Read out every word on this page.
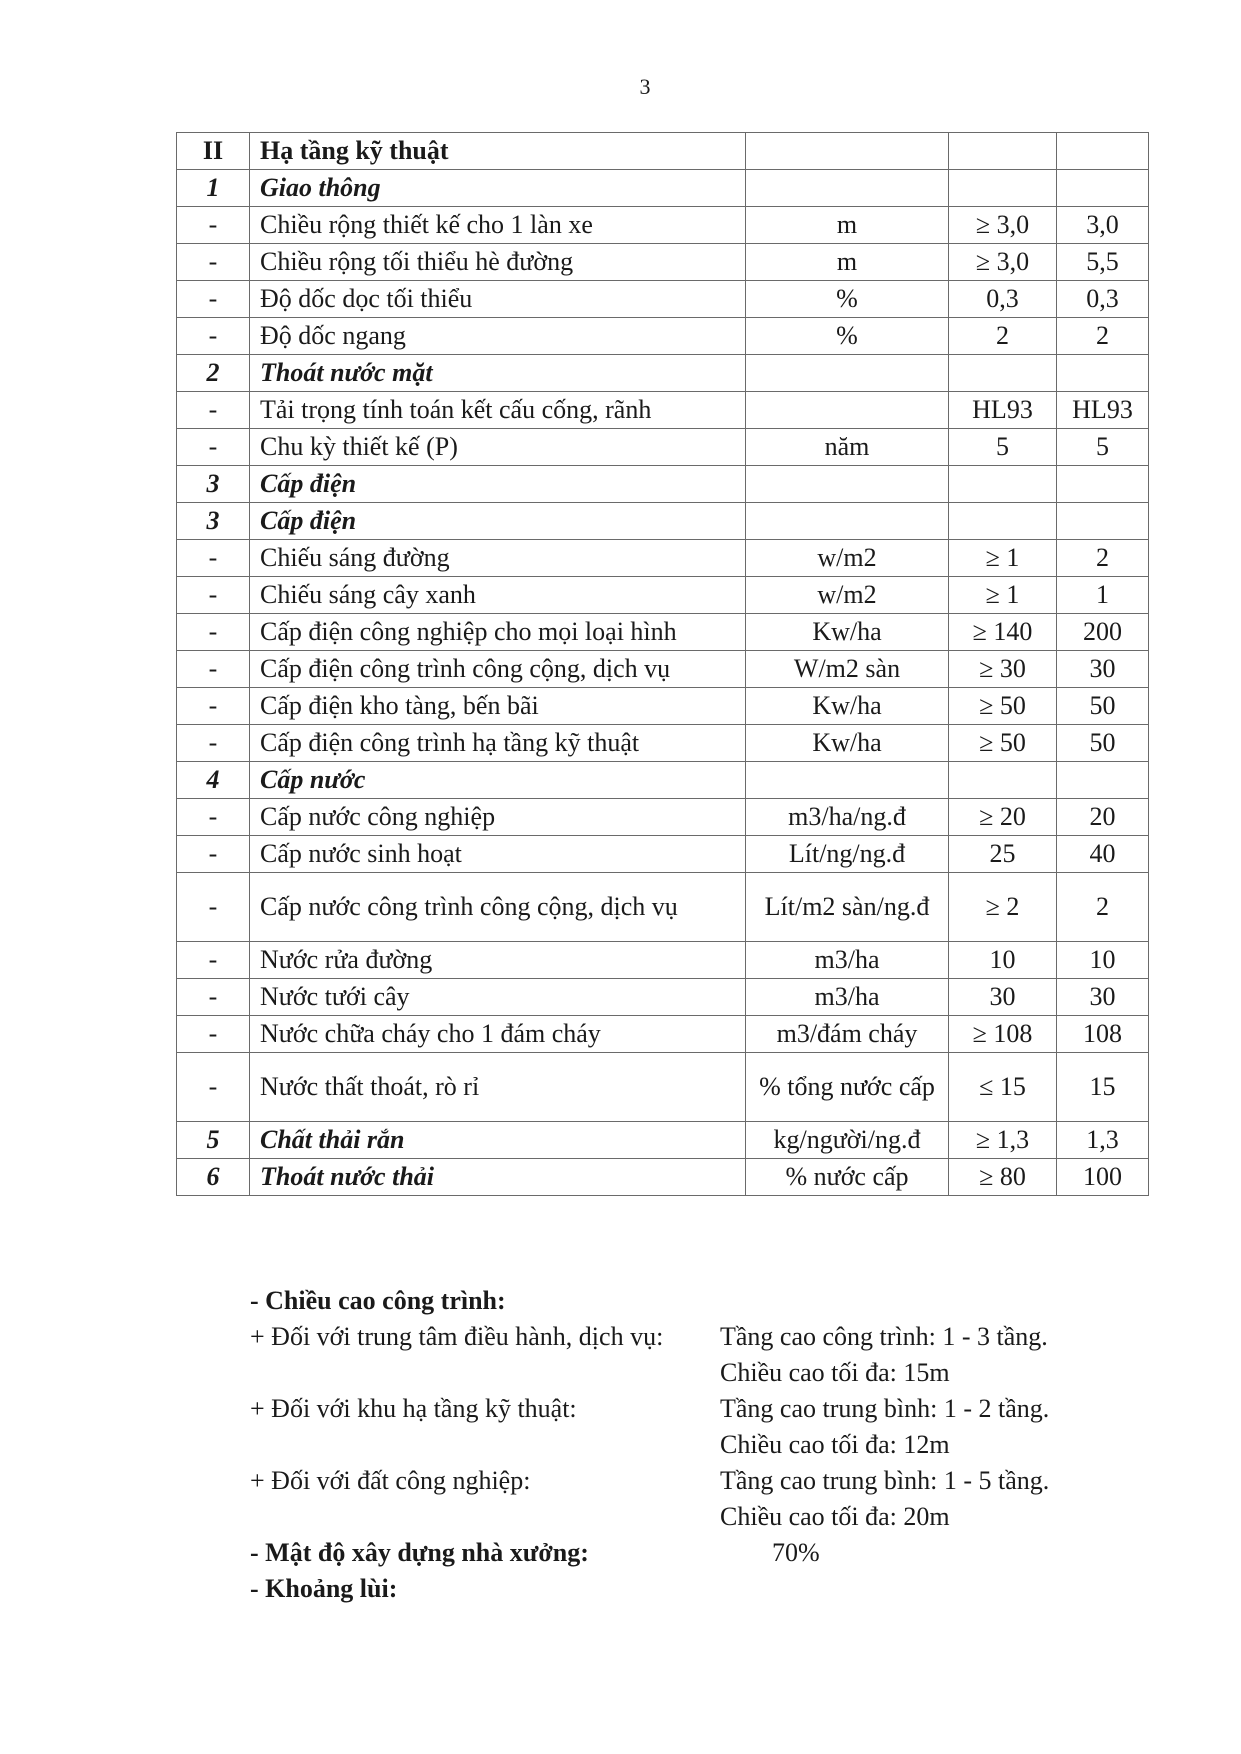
3
II	Hạ tầng kỹ thuật			
1	Giao thông			
-	Chiều rộng thiết kế cho 1 làn xe	m	≥ 3,0	3,0
-	Chiều rộng tối thiểu hè đường	m	≥ 3,0	5,5
-	Độ dốc dọc tối thiểu	%	0,3	0,3
-	Độ dốc ngang	%	2	2
2	Thoát nước mặt			
-	Tải trọng tính toán kết cấu cống, rãnh		HL93	HL93
-	Chu kỳ thiết kế (P)	năm	5	5
3	Cấp điện			
3	Cấp điện			
-	Chiếu sáng đường	w/m2	≥ 1	2
-	Chiếu sáng cây xanh	w/m2	≥ 1	1
-	Cấp điện công nghiệp cho mọi loại hình	Kw/ha	≥ 140	200
-	Cấp điện công trình công cộng, dịch vụ	W/m2 sàn	≥ 30	30
-	Cấp điện kho tàng, bến bãi	Kw/ha	≥ 50	50
-	Cấp điện công trình hạ tầng kỹ thuật	Kw/ha	≥ 50	50
4	Cấp nước			
-	Cấp nước công nghiệp	m3/ha/ng.đ	≥ 20	20
-	Cấp nước sinh hoạt	Lít/ng/ng.đ	25	40
-	Cấp nước công trình công cộng, dịch vụ	Lít/m2 sàn/ng.đ	≥ 2	2
-	Nước rửa đường	m3/ha	10	10
-	Nước tưới cây	m3/ha	30	30
-	Nước chữa cháy cho 1 đám cháy	m3/đám cháy	≥ 108	108
-	Nước thất thoát, rò rỉ	% tổng nước cấp	≤ 15	15
5	Chất thải rắn	kg/người/ng.đ	≥ 1,3	1,3
6	Thoát nước thải	% nước cấp	≥ 80	100
- Chiều cao công trình:
+ Đối với trung tâm điều hành, dịch vụ: Tầng cao công trình: 1 - 3 tầng.
Chiều cao tối đa: 15m
+ Đối với khu hạ tầng kỹ thuật:	Tầng cao trung bình: 1 - 2 tầng.
Chiều cao tối đa: 12m
+ Đối với đất công nghiệp:	Tầng cao trung bình: 1 - 5 tầng.
Chiều cao tối đa: 20m
- Mật độ xây dựng nhà xưởng:	70%
- Khoảng lùi:
